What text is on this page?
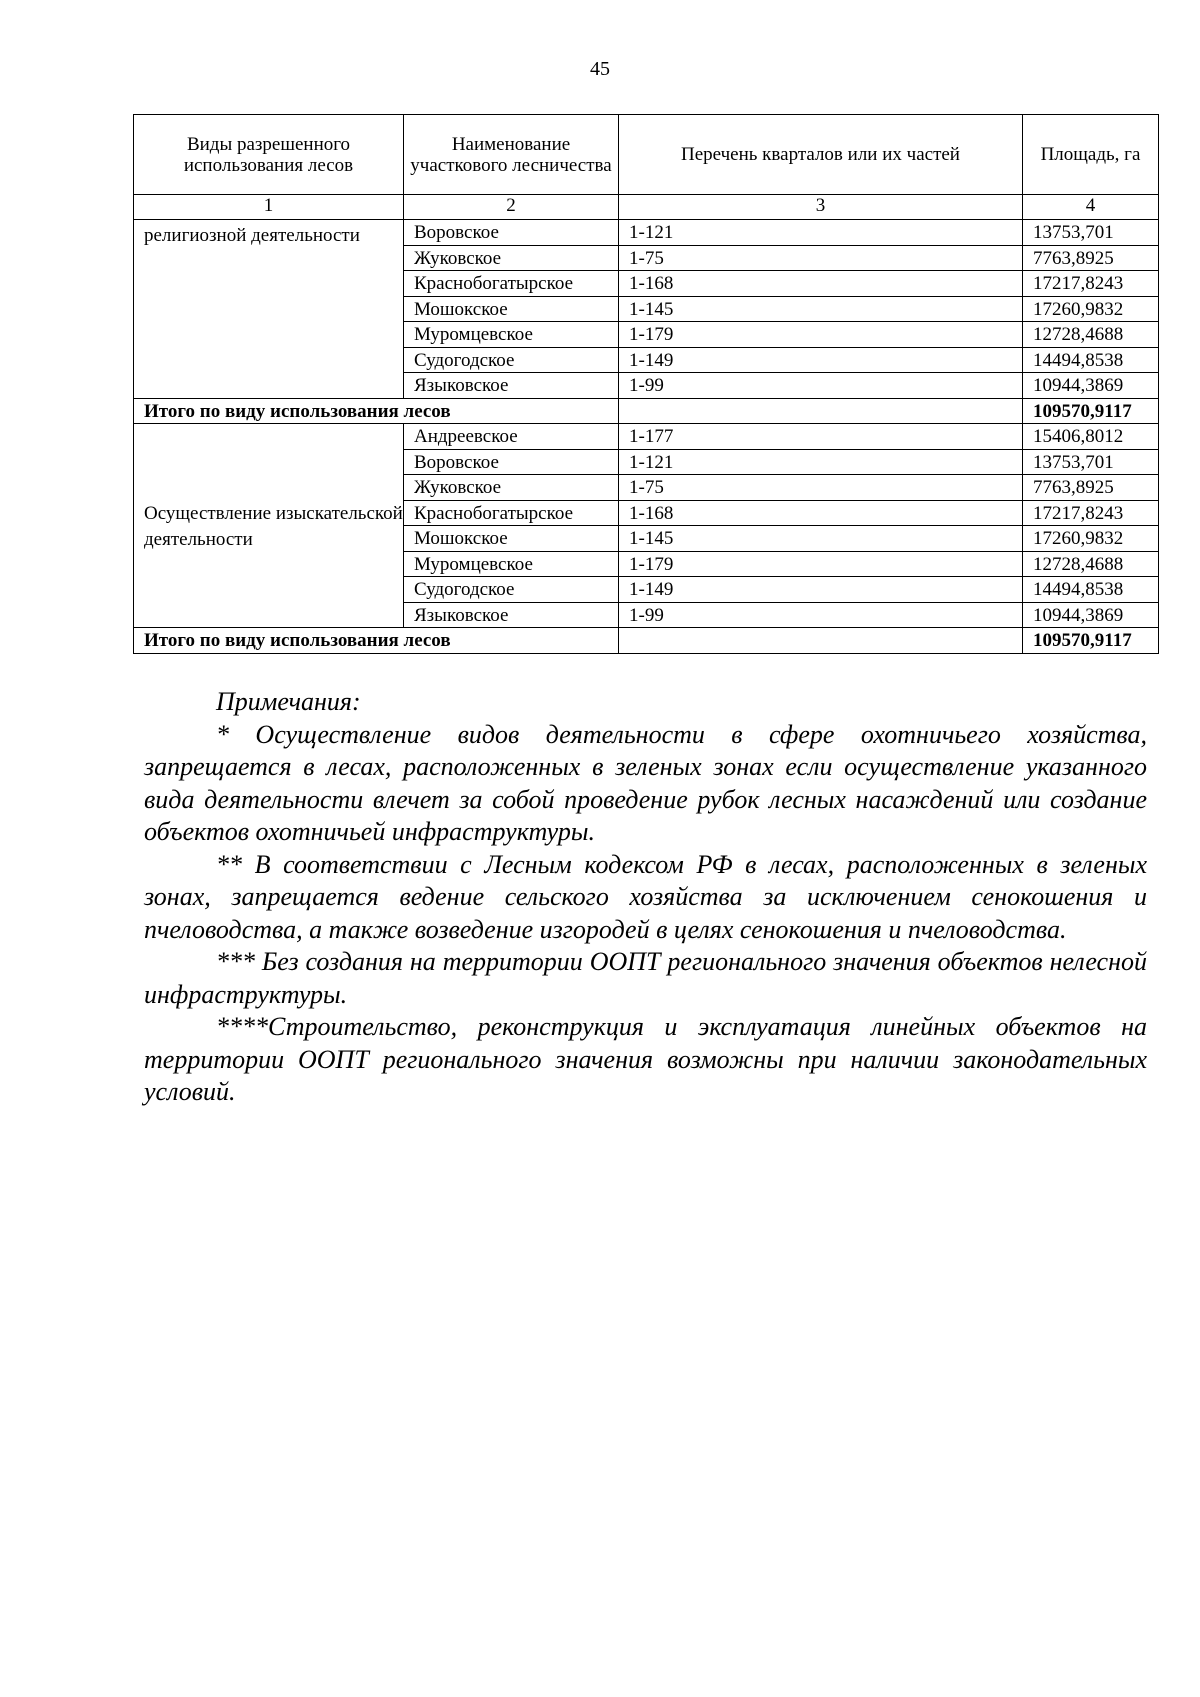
45
Виды разрешенного использования лесов	Наименование участкового лесничества	Перечень кварталов или их частей	Площадь, га
1	2	3	4
религиозной деятельности	Воровское	1-121	13753,701
	Жуковское	1-75	7763,8925
	Краснобогатырское	1-168	17217,8243
	Мошокское	1-145	17260,9832
	Муромцевское	1-179	12728,4688
	Судогодское	1-149	14494,8538
	Языковское	1-99	10944,3869
Итого по виду использования лесов			109570,9117
Осуществление изыскательской деятельности	Андреевское	1-177	15406,8012
	Воровское	1-121	13753,701
	Жуковское	1-75	7763,8925
	Краснобогатырское	1-168	17217,8243
	Мошокское	1-145	17260,9832
	Муромцевское	1-179	12728,4688
	Судогодское	1-149	14494,8538
	Языковское	1-99	10944,3869
Итого по виду использования лесов			109570,9117

Примечания:

* Осуществление видов деятельности в сфере охотничьего хозяйства, запрещается в лесах, расположенных в зеленых зонах если осуществление указанного вида деятельности влечет за собой проведение рубок лесных насаждений или создание объектов охотничьей инфраструктуры.

** В соответствии с Лесным кодексом РФ в лесах, расположенных в зеленых зонах, запрещается ведение сельского хозяйства за исключением сенокошения и пчеловодства, а также возведение изгородей в целях сенокошения и пчеловодства.

*** Без создания на территории ООПТ регионального значения объектов нелесной инфраструктуры.

****Строительство, реконструкция и эксплуатация линейных объектов на территории ООПТ регионального значения возможны при наличии законодательных условий.
